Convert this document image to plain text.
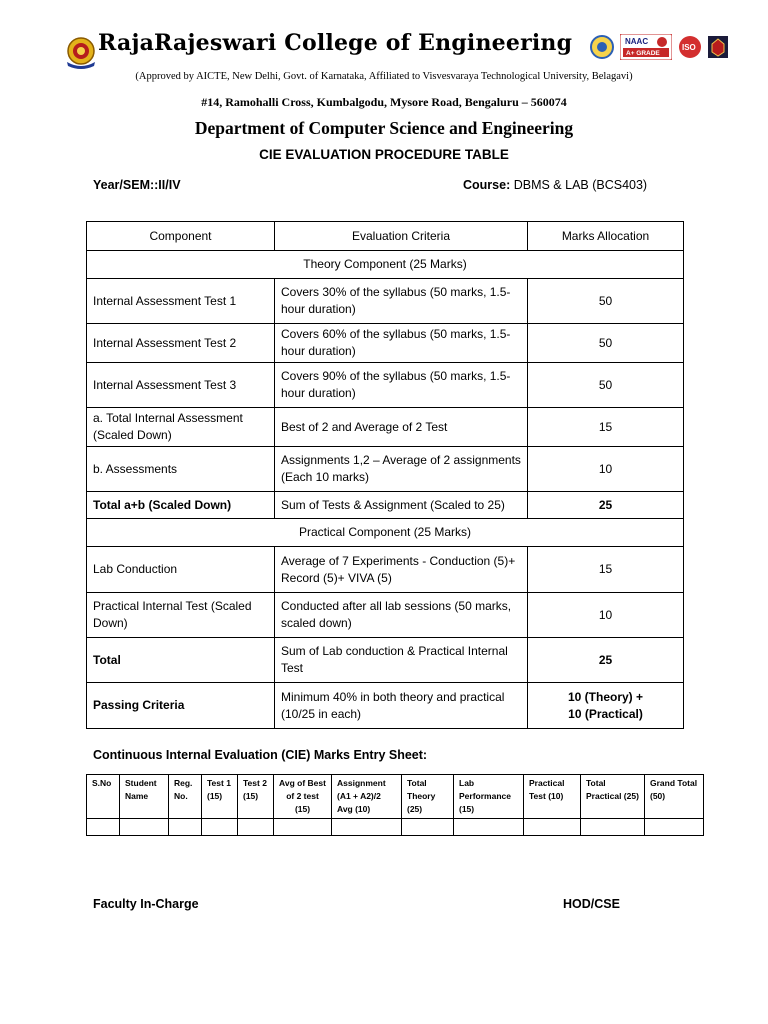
RajaRajeswari College of Engineering	NAAC
A+ GRADE
ISO
(Approved by AICTE, New Delhi, Govt. of Karnataka, Affiliated to Visvesvaraya Technological University, Belagavi)
#14, Ramohalli Cross, Kumbalgodu, Mysore Road, Bengaluru – 560074
Department of Computer Science and Engineering
CIE EVALUATION PROCEDURE TABLE
Year/SEM::II/IV	Course: DBMS & LAB (BCS403)
Component	Evaluation Criteria	Marks Allocation
Theory Component (25 Marks)		
Internal Assessment Test 1	Covers 30% of the syllabus (50 marks, 1.5-hour duration)	50
Internal Assessment Test 2	Covers 60% of the syllabus (50 marks, 1.5-hour duration)	50
Internal Assessment Test 3	Covers 90% of the syllabus (50 marks, 1.5-hour duration)	50
a. Total Internal Assessment (Scaled Down)	Best of 2 and Average of 2 Test	15
b. Assessments	Assignments 1,2 – Average of 2 assignments (Each 10 marks)	10
Total a+b (Scaled Down)	Sum of Tests & Assignment (Scaled to 25)	25
Practical Component (25 Marks)		
Lab Conduction	Average of 7 Experiments - Conduction (5)+ Record (5)+ VIVA (5)	15
Practical Internal Test (Scaled Down)	Conducted after all lab sessions (50 marks, scaled down)	10
Total	Sum of Lab conduction & Practical Internal Test	25
Passing Criteria	Minimum 40% in both theory and practical (10/25 in each)	10 (Theory) +
10 (Practical)
Continuous Internal Evaluation (CIE) Marks Entry Sheet:
S.No	Student Name	Reg. No.	Test 1 (15)	Test 2 (15)	Avg of Best of 2 test (15)	Assignment (A1 + A2)/2 Avg (10)	Total Theory (25)	Lab Performance (15)	Practical Test (10)	Total Practical (25)	Grand Total (50)

Faculty In-Charge	HOD/CSE
